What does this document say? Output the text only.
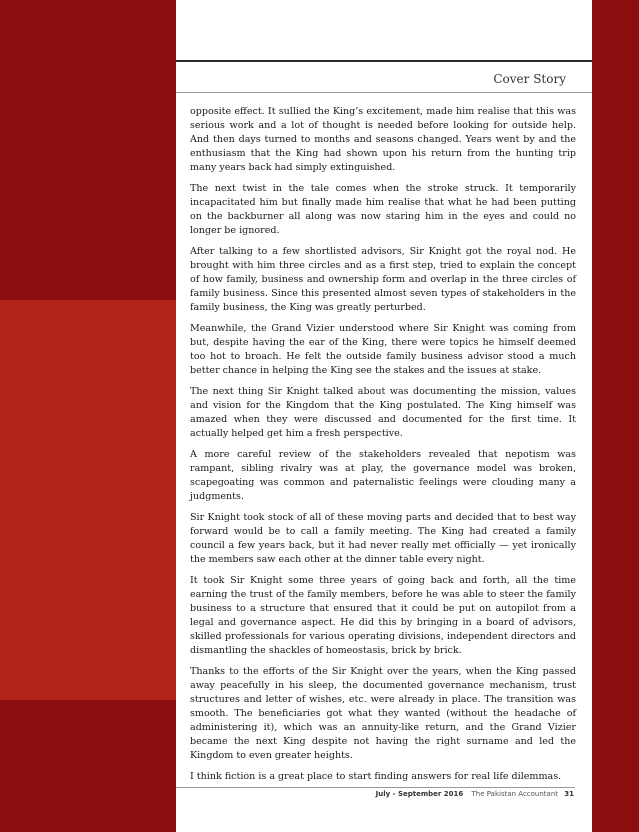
Cover Story

opposite effect. It sullied the King’s excitement, made him realise that this was serious work and a lot of thought is needed before looking for outside help. And then days turned to months and seasons changed. Years went by and the enthusiasm that the King had shown upon his return from the hunting trip many years back had simply extinguished.

The next twist in the tale comes when the stroke struck. It temporarily incapacitated him but finally made him realise that what he had been putting on the backburner all along was now staring him in the eyes and could no longer be ignored.

After talking to a few shortlisted advisors, Sir Knight got the royal nod. He brought with him three circles and as a first step, tried to explain the concept of how family, business and ownership form and overlap in the three circles of family business. Since this presented almost seven types of stakeholders in the family business, the King was greatly perturbed.

Meanwhile, the Grand Vizier understood where Sir Knight was coming from but, despite having the ear of the King, there were topics he himself deemed too hot to broach. He felt the outside family business advisor stood a much better chance in helping the King see the stakes and the issues at stake.

The next thing Sir Knight talked about was documenting the mission, values and vision for the Kingdom that the King postulated. The King himself was amazed when they were discussed and documented for the first time. It actually helped get him a fresh perspective.

A more careful review of the stakeholders revealed that nepotism was rampant, sibling rivalry was at play, the governance model was broken, scapegoating was common and paternalistic feelings were clouding many a judgments.

Sir Knight took stock of all of these moving parts and decided that to best way forward would be to call a family meeting. The King had created a family council a few years back, but it had never really met officially — yet ironically the members saw each other at the dinner table every night.

It took Sir Knight some three years of going back and forth, all the time earning the trust of the family members, before he was able to steer the family business to a structure that ensured that it could be put on autopilot from a legal and governance aspect. He did this by bringing in a board of advisors, skilled professionals for various operating divisions, independent directors and dismantling the shackles of homeostasis, brick by brick.

Thanks to the efforts of the Sir Knight over the years, when the King passed away peacefully in his sleep, the documented governance mechanism, trust structures and letter of wishes, etc. were already in place. The transition was smooth. The beneficiaries got what they wanted (without the headache of administering it), which was an annuity-like return, and the Grand Vizier became the next King despite not having the right surname and led the Kingdom to even greater heights.

I think fiction is a great place to start finding answers for real life dilemmas.

July - September 2016 The Pakistan Accountant 31
